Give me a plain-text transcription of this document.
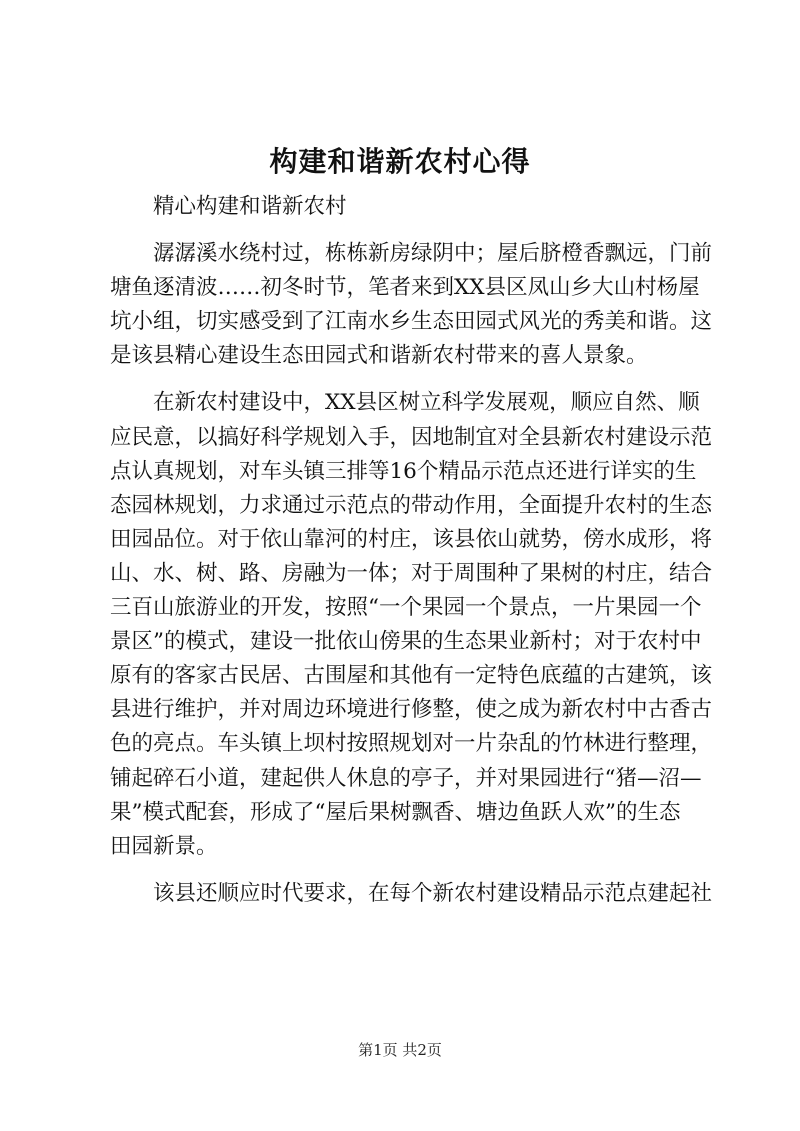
构建和谐新农村心得
　　精心构建和谐新农村
　　潺潺溪水绕村过，栋栋新房绿阴中；屋后脐橙香飘远，门前
塘鱼逐清波……初冬时节，笔者来到XX县区凤山乡大山村杨屋
坑小组，切实感受到了江南水乡生态田园式风光的秀美和谐。这
是该县精心建设生态田园式和谐新农村带来的喜人景象。
　　在新农村建设中，XX县区树立科学发展观，顺应自然、顺
应民意，以搞好科学规划入手，因地制宜对全县新农村建设示范
点认真规划，对车头镇三排等16个精品示范点还进行详实的生
态园林规划，力求通过示范点的带动作用，全面提升农村的生态
田园品位。对于依山靠河的村庄，该县依山就势，傍水成形，将
山、水、树、路、房融为一体；对于周围种了果树的村庄，结合
三百山旅游业的开发，按照“一个果园一个景点，一片果园一个
景区”的模式，建设一批依山傍果的生态果业新村；对于农村中
原有的客家古民居、古围屋和其他有一定特色底蕴的古建筑，该
县进行维护，并对周边环境进行修整，使之成为新农村中古香古
色的亮点。车头镇上坝村按照规划对一片杂乱的竹林进行整理，
铺起碎石小道，建起供人休息的亭子，并对果园进行“猪—沼—
果”模式配套，形成了“屋后果树飘香、塘边鱼跃人欢”的生态
田园新景。
　　该县还顺应时代要求，在每个新农村建设精品示范点建起社
第1页 共2页
